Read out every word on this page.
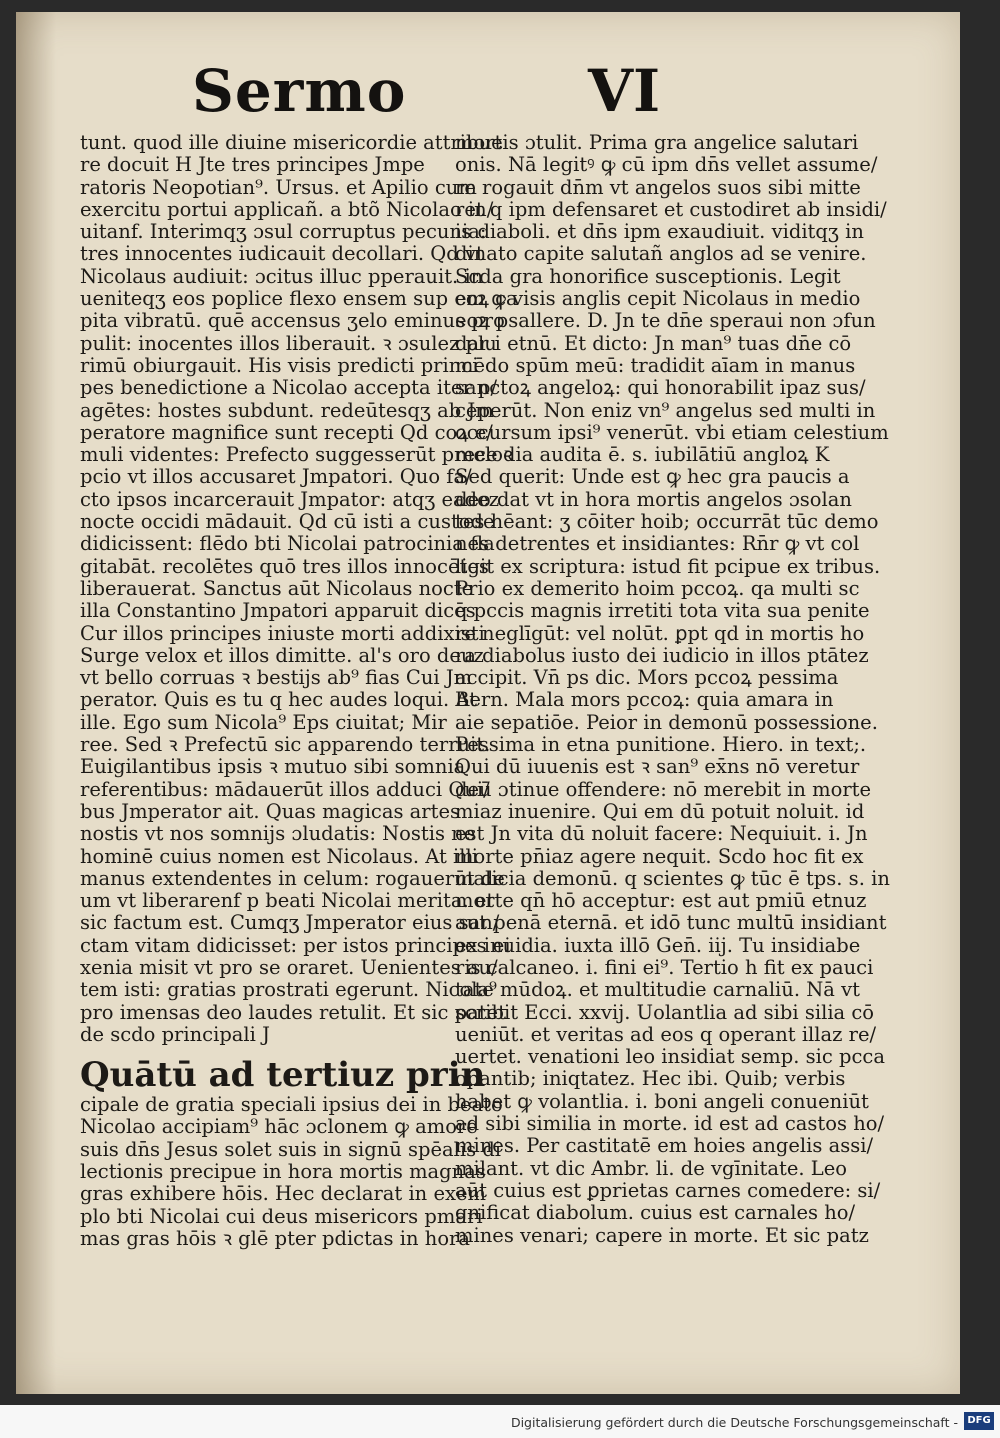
Sermo	VI
tunt. quod ille diuine misericordie attribue
re docuit H Jte tres principes Jmpe
ratoris Neopotian⁹. Ursus. et Apilio cum
exercitu portui applicañ. a btõ Nicolao in/
uitanf. Interimqʒ ɔsul corruptus pecunia:
tres innocentes iudicauit decollari. Qd vt
Nicolaus audiuit: ɔcitus illuc pperauit. in
ueniteqʒ eos poplice flexo ensem sup eoꝝ ca
pita vibratū. quē accensus ʒelo eminus pro
pulit: inocentes illos liberauit. ꝛ ɔsulez plu
rimū obiurgauit. His visis predicti princi
pes benedictione a Nicolao accepta iter p/
agētes: hostes subdunt. redeūtesqʒ ab Jm
peratore magnifice sunt recepti Qd coꝝ e/
muli videntes: Prefecto suggesserūt prece ꝛ
pcio vt illos accusaret Jmpatori. Quo fa/
cto ipsos incarcerauit Jmpator: atqʒ eadez
nocte occidi mādauit. Qd cū isti a custode
didicissent: flēdo bti Nicolai patrocinia fla
gitabāt. recolētes quō tres illos innocētes
liberauerat. Sanctus aūt Nicolaus nocte
illa Constantino Jmpatori apparuit dicēs
Cur illos principes iniuste morti addixisti
Surge velox et illos dimitte. al's oro deuz
vt bello corruas ꝛ bestijs ab⁹ fias Cui Jm
perator. Quis es tu q hec audes loqui. At
ille. Ego sum Nicola⁹ Eps ciuitat; Mir
ree. Sed ꝛ Prefectū sic apparendo terruit.
Euigilantibus ipsis ꝛ mutuo sibi somnia
referentibus: mādauerūt illos adduci Qui/
bus Jmperator ait. Quas magicas artes
nostis vt nos somnijs ɔludatis: Nostis ne
hominē cuius nomen est Nicolaus. At illi
manus extendentes in celum: rogauerūt de
um vt liberarenf p beati Nicolai merita. et
sic factum est. Cumqʒ Jmperator eius san/
ctam vitam didicisset: per istos principes ei
xenia misit vt pro se oraret. Uenientes au/
tem isti: gratias prostrati egerunt. Nicola⁹
pro imensas deo laudes retulit. Et sic patet
de scdo principali J
Quātū ad tertiuz prin
cipale de gratia speciali ipsius dei in beato
Nicolao accipiam⁹ hāc ɔclonem ꝙ amore
suis dn̄s Jesus solet suis in signū spēalis di
lectionis precipue in hora mortis magnas
gras exhibere hōis. Hec declarat in exem
plo bti Nicolai cui deus misericors pmari
mas gras hōis ꝛ glē pter pdictas in hora
mortis ɔtulit. Prima gra angelice salutari
onis. Nā legitꝰ ꝙ cū ipm dn̄s vellet assume/
re rogauit dn̄m vt angelos suos sibi mitte
ret q ipm defensaret et custodiret ab insidi/
is diaboli. et dn̄s ipm exaudiuit. viditqʒ in
dinato capite salutañ anglos ad se venire.
Scda gra honorifice susceptionis. Legit
em ꝙ visis anglis cepit Nicolaus in medio
eoꝝ psallere. D. Jn te dn̄e speraui non ɔfun
dar i etnū. Et dicto: Jn man⁹ tuas dn̄e cō
mēdo spūm meū: tradidit aīam in manus
sanctoꝝ angeloꝝ: qui honorabilit ipaz sus/
ceperūt. Non eniz vn⁹ angelus sed multi in
occursum ipsi⁹ venerūt. vbi etiam celestium
melodia audita ē. s. iubilātiū angloꝝ K
Sed querit: Unde est ꝙ hec gra paucis a
deo dat vt in hora mortis angelos ɔsolan
tes hēant: ʒ cōiter hoib; occurrāt tūc demo
nes detrentes et insidiantes: Rn̄r ꝙ vt col
ligit ex scriptura: istud fit pcipue ex tribus.
Prio ex demerito hoim pccoꝝ. qa multi sc
q pccis magnis irretiti tota vita sua penite
re neglīgūt: vel nolūt. ꝑpt qd in mortis ho
ra diabolus iusto dei iudicio in illos ptātez
accipit. Vn̄ ps dic. Mors pccoꝝ pessima
Bern. Mala mors pccoꝝ: quia amara in
aie sepatiōe. Peior in demonū possessione.
Pessima in etna punitione. Hiero. in text;.
Qui dū iuuenis est ꝛ san⁹ ex̄ns nō veretur
deū ɔtinue offendere: nō merebit in morte
miaz inuenire. Qui em dū potuit noluit. id
est Jn vita dū noluit facere: Nequiuit. i. Jn
morte pn̄iaz agere nequit. Scdo hoc fit ex
malicia demonū. q scientes ꝙ tūc ē tps. s. in
morte qn̄ hō acceptur: est aut pmiū etnuz
aut penā eternā. et idō tunc multū insidiant
ex inuidia. iuxta illō Gen̄. iij. Tu insidiabe
ris calcaneo. i. fini ei⁹. Tertio h fit ex pauci
tate mūdoꝝ. et multitudie carnaliū. Nā vt
scribit Ecci. xxvij. Uolantlia ad sibi silia cō
ueniūt. et veritas ad eos q operant illaz re/
uertet. venationi leo insidiat semp. sic pcca
opantib; iniqtatez. Hec ibi. Quib; verbis
habet ꝙ volantlia. i. boni angeli conueniūt
ad sibi similia in morte. id est ad castos ho/
mines. Per castitatē em hoies angelis assi/
milant. vt dic Ambr. li. de vgīnitate. Leo
aūt cuius est ꝑprietas carnes comedere: si/
gnificat diabolum. cuius est carnales ho/
mines venari; capere in morte. Et sic patz
Digitalisierung gefördert durch die Deutsche Forschungsgemeinschaft - DFG
